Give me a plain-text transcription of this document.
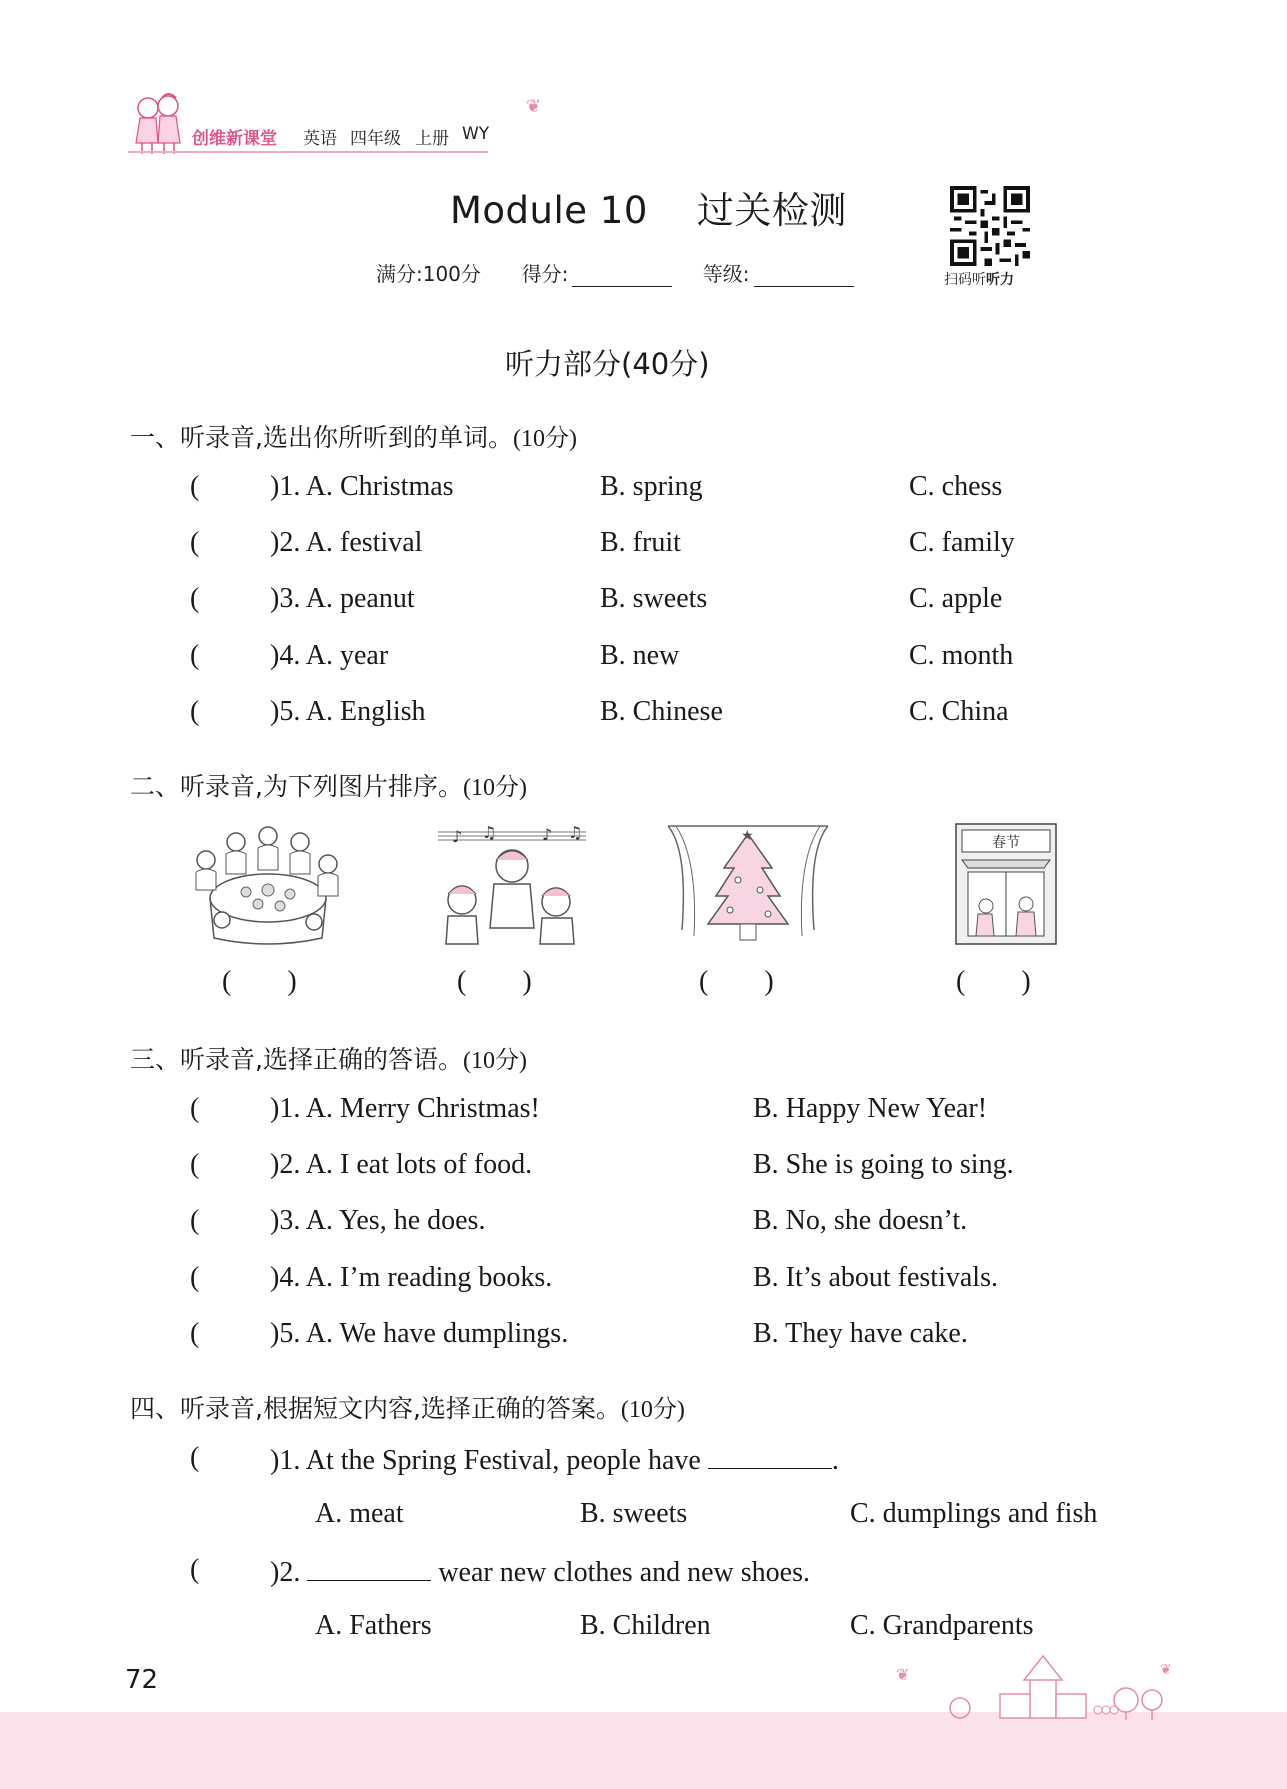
创维新课堂 英语 四年级 上册 WY
❦
Module 10    过关检测
满分:100分 得分:	等级:	扫码听听力
听力部分(40分)
一、听录音,选出你所听到的单词。(10分)
(	)1. A. Christmas	B. spring	C. chess
(	)2. A. festival	B. fruit	C. family
(	)3. A. peanut	B. sweets	C. apple
(	)4. A. year	B. new	C. month
(	)5. A. English	B. Chinese	C. China
二、听录音,为下列图片排序。(10分)
♪ ♫	♪ ♫	★	春节
(        )	(        )	(        )	(        )
三、听录音,选择正确的答语。(10分)
(	)1. A. Merry Christmas!	B. Happy New Year!
(	)2. A. I eat lots of food.	B. She is going to sing.
(	)3. A. Yes, he does.	B. No, she doesn’t.
(	)4. A. I’m reading books.	B. It’s about festivals.
(	)5. A. We have dumplings.	B. They have cake.
四、听录音,根据短文内容,选择正确的答案。(10分)
(	)1. At the Spring Festival, people have	.
A. meat	B. sweets	C. dumplings and fish
(	)2.	wear new clothes and new shoes.
A. Fathers	B. Children	C. Grandparents
72	❦	❦
